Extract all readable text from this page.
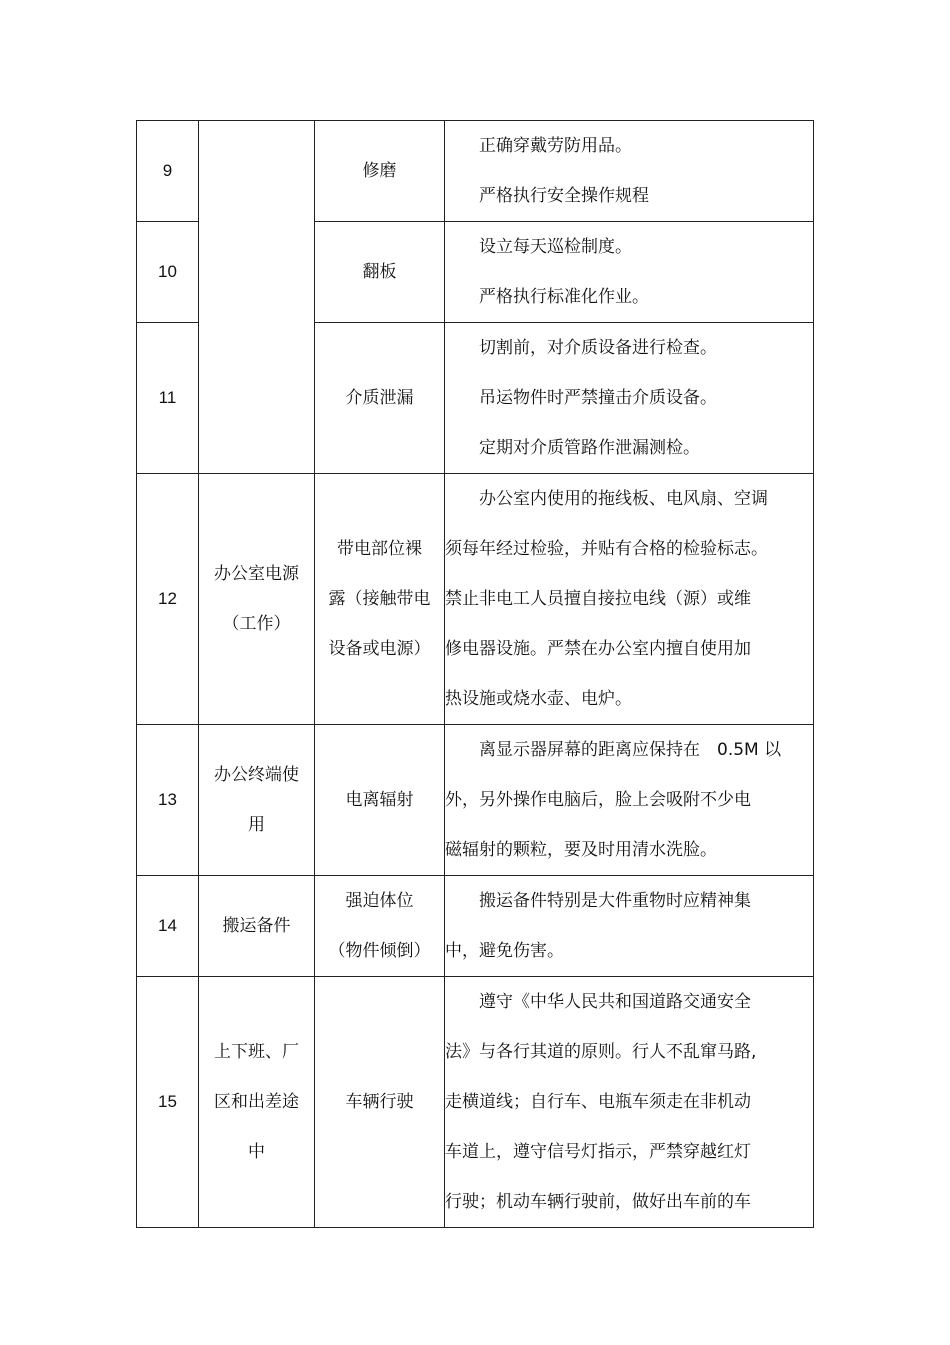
9		修磨	正确穿戴劳防用品。
严格执行安全操作规程

10		翻板	设立每天巡检制度。
严格执行标准化作业。

11		介质泄漏	切割前，对介质设备进行检查。
吊运物件时严禁撞击介质设备。
定期对介质管路作泄漏测检。

12	办公室电源
（工作）	带电部位裸
露（接触带电
设备或电源）	办公室内使用的拖线板、电风扇、空调
须每年经过检验，并贴有合格的检验标志。
禁止非电工人员擅自接拉电线（源）或维
修电器设施。严禁在办公室内擅自使用加
热设施或烧水壶、电炉。

13	办公终端使
用	电离辐射	离显示器屏幕的距离应保持在　0.5M 以
外，另外操作电脑后，脸上会吸附不少电
磁辐射的颗粒，要及时用清水洗脸。

14	搬运备件	强迫体位
（物件倾倒）	搬运备件特别是大件重物时应精神集
中，避免伤害。

15	上下班、厂
区和出差途
中	车辆行驶	遵守《中华人民共和国道路交通安全
法》与各行其道的原则。行人不乱窜马路,
走横道线；自行车、电瓶车须走在非机动
车道上，遵守信号灯指示，严禁穿越红灯
行驶；机动车辆行驶前，做好出车前的车
